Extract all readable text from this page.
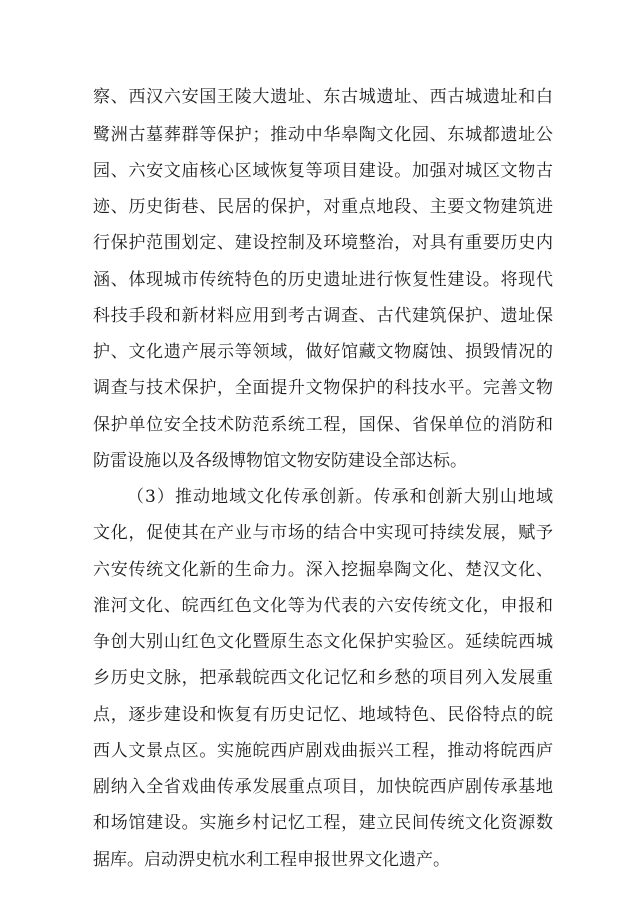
察、西汉六安国王陵大遗址、东古城遗址、西古城遗址和白
鹭洲古墓葬群等保护；推动中华皋陶文化园、东城都遗址公
园、六安文庙核心区域恢复等项目建设。加强对城区文物古
迹、历史街巷、民居的保护，对重点地段、主要文物建筑进
行保护范围划定、建设控制及环境整治，对具有重要历史内
涵、体现城市传统特色的历史遗址进行恢复性建设。将现代
科技手段和新材料应用到考古调查、古代建筑保护、遗址保
护、文化遗产展示等领域，做好馆藏文物腐蚀、损毁情况的
调查与技术保护，全面提升文物保护的科技水平。完善文物
保护单位安全技术防范系统工程，国保、省保单位的消防和
防雷设施以及各级博物馆文物安防建设全部达标。
（3）推动地域文化传承创新。传承和创新大别山地域
文化，促使其在产业与市场的结合中实现可持续发展，赋予
六安传统文化新的生命力。深入挖掘皋陶文化、楚汉文化、
淮河文化、皖西红色文化等为代表的六安传统文化，申报和
争创大别山红色文化暨原生态文化保护实验区。延续皖西城
乡历史文脉，把承载皖西文化记忆和乡愁的项目列入发展重
点，逐步建设和恢复有历史记忆、地域特色、民俗特点的皖
西人文景点区。实施皖西庐剧戏曲振兴工程，推动将皖西庐
剧纳入全省戏曲传承发展重点项目，加快皖西庐剧传承基地
和场馆建设。实施乡村记忆工程，建立民间传统文化资源数
据库。启动淠史杭水利工程申报世界文化遗产。
